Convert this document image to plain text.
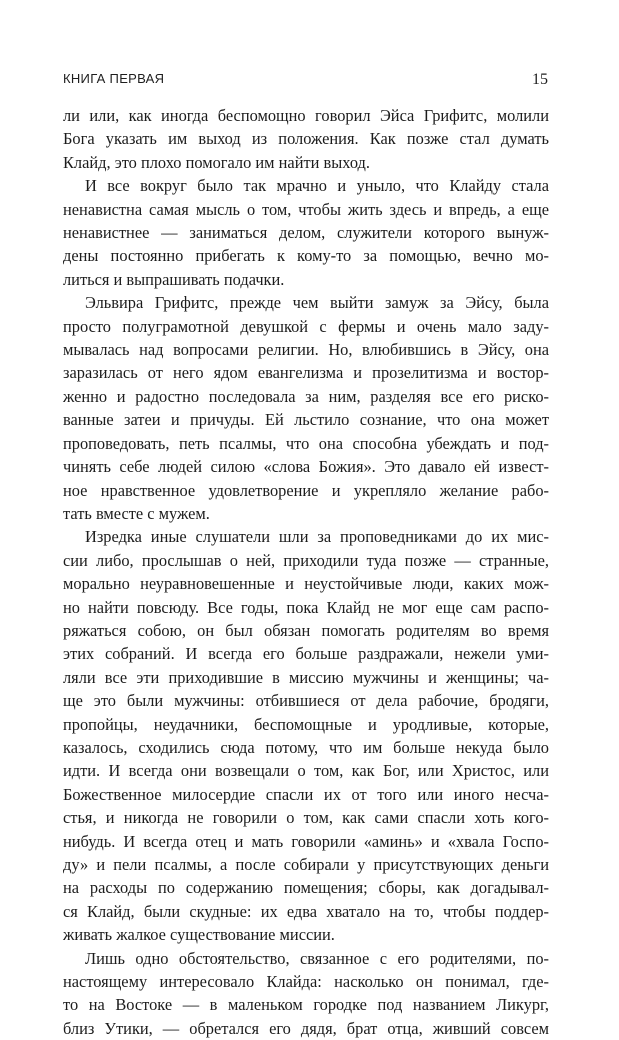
КНИГА ПЕРВАЯ	15
ли или, как иногда беспомощно говорил Эйса Грифитс, молили
Бога указать им выход из положения. Как позже стал думать
Клайд, это плохо помогало им найти выход.
И все вокруг было так мрачно и уныло, что Клайду стала
ненавистна самая мысль о том, чтобы жить здесь и впредь, а еще
ненавистнее — заниматься делом, служители которого вынуж-
дены постоянно прибегать к кому-то за помощью, вечно мо-
литься и выпрашивать подачки.
Эльвира Грифитс, прежде чем выйти замуж за Эйсу, была
просто полуграмотной девушкой с фермы и очень мало заду-
мывалась над вопросами религии. Но, влюбившись в Эйсу, она
заразилась от него ядом евангелизма и прозелитизма и востор-
женно и радостно последовала за ним, разделяя все его риско-
ванные затеи и причуды. Ей льстило сознание, что она может
проповедовать, петь псалмы, что она способна убеждать и под-
чинять себе людей силою «слова Божия». Это давало ей извест-
ное нравственное удовлетворение и укрепляло желание рабо-
тать вместе с мужем.
Изредка иные слушатели шли за проповедниками до их мис-
сии либо, прослышав о ней, приходили туда позже — странные,
морально неуравновешенные и неустойчивые люди, каких мож-
но найти повсюду. Все годы, пока Клайд не мог еще сам распо-
ряжаться собою, он был обязан помогать родителям во время
этих собраний. И всегда его больше раздражали, нежели уми-
ляли все эти приходившие в миссию мужчины и женщины; ча-
ще это были мужчины: отбившиеся от дела рабочие, бродяги,
пропойцы, неудачники, беспомощные и уродливые, которые,
казалось, сходились сюда потому, что им больше некуда было
идти. И всегда они возвещали о том, как Бог, или Христос, или
Божественное милосердие спасли их от того или иного несча-
стья, и никогда не говорили о том, как сами спасли хоть кого-
нибудь. И всегда отец и мать говорили «аминь» и «хвала Госпо-
ду» и пели псалмы, а после собирали у присутствующих деньги
на расходы по содержанию помещения; сборы, как догадывал-
ся Клайд, были скудные: их едва хватало на то, чтобы поддер-
живать жалкое существование миссии.
Лишь одно обстоятельство, связанное с его родителями, по-
настоящему интересовало Клайда: насколько он понимал, где-
то на Востоке — в маленьком городке под названием Ликург,
близ Утики, — обретался его дядя, брат отца, живший совсем
